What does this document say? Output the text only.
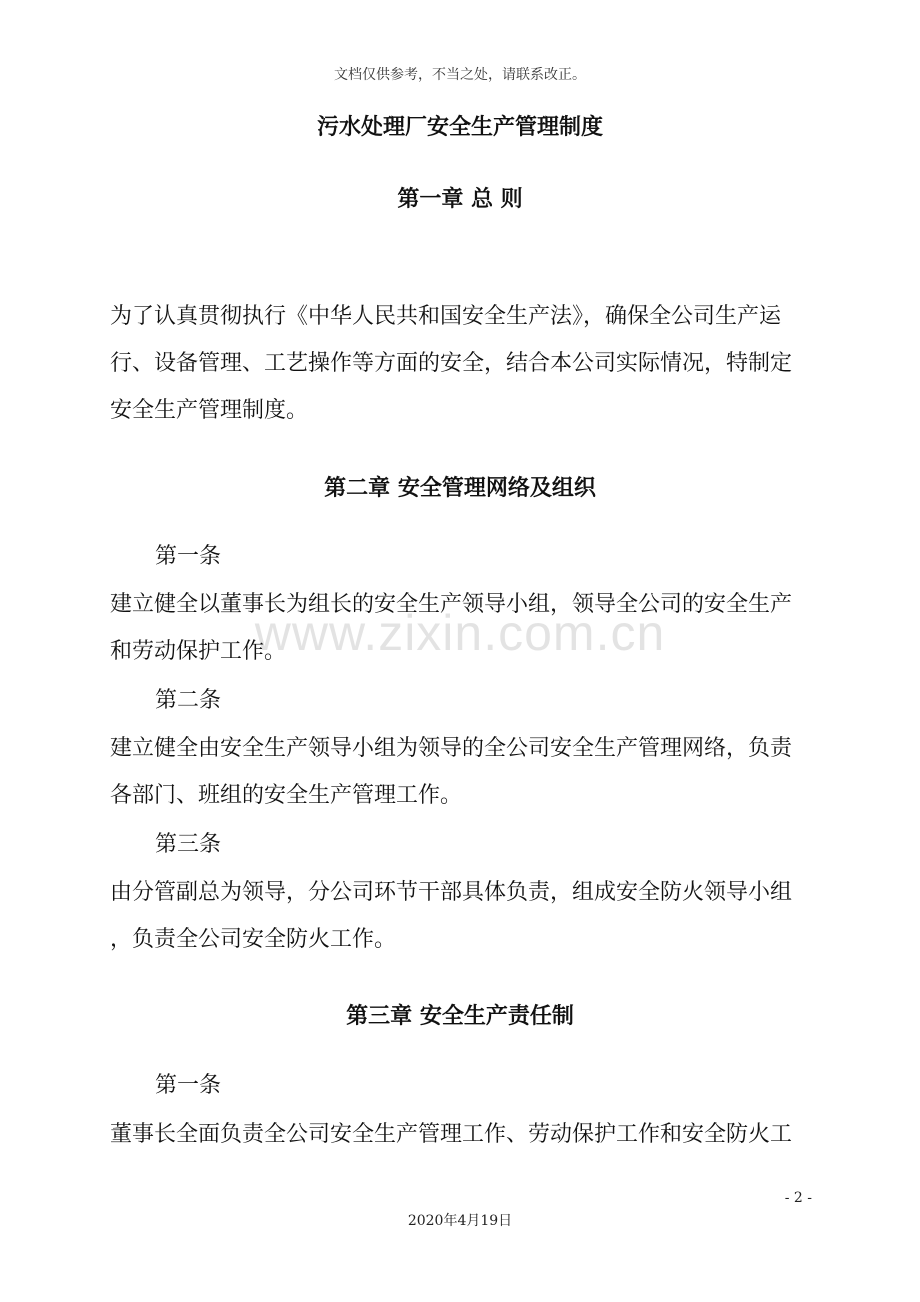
文档仅供参考，不当之处，请联系改正。
污水处理厂安全生产管理制度
第一章 总 则
为了认真贯彻执行《中华人民共和国安全生产法》，确保全公司生产运
行、设备管理、工艺操作等方面的安全，结合本公司实际情况，特制定
安全生产管理制度。
第二章 安全管理网络及组织
第一条
建立健全以董事长为组长的安全生产领导小组，领导全公司的安全生产
和劳动保护工作。
第二条
建立健全由安全生产领导小组为领导的全公司安全生产管理网络，负责
各部门、班组的安全生产管理工作。
第三条
由分管副总为领导，分公司环节干部具体负责，组成安全防火领导小组
，负责全公司安全防火工作。
第三章 安全生产责任制
第一条
董事长全面负责全公司安全生产管理工作、劳动保护工作和安全防火工
www.zixin.com.cn
- 2 -
2020年4月19日
